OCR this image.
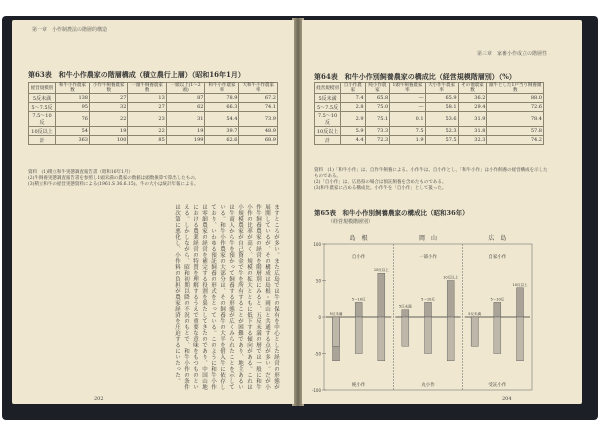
第一章　小作制農法の階層的構造
第63表　和牛小作農家の階層構成（積立農行上層）（昭和16年1月）
経営規模別	和牛小作農家数	小作牛飼養農家数	一頭牛飼養農家数	一頭以上(1～2頭)	和牛小作農家率	大和牛小作農家率
5反未満	138	27	13	87	78.9	67.2
5～7.5反	95	32	27	62	66.3	74.1
7.5～10反	76	22	23	31	54.4	73.9
10反以上	54	19	22	19	39.7	48.9
計	363	100	85	199	62.6	68.9
資料　(1)積立和牛実態調査報告書（昭和16年1月）
(2)牛飼養実態調査報告書を参照し1頭未満の農家の数値は頭数換算で算出したもの。
(3)積立和牛の経営実態資料による(1961.S 36.6.15)。牛の大小は統計年報による。
ますところが多い。また広島では牛の保有を中心とした経営の形態が展開しているが、その構成は島根・岡山と共通する点が多い。だが小作牛飼養農家の経営を階層別にみると、五反未満の層では一般に和牛小作の比率が高く、規模の拡大とともに低下する傾向がある。これは小規模農家が自己資金で牛を所有することが困難であり、地主あるいは牛商人から牛を預かって飼養する形態が広くみられたことを示している。和牛小作農家の大部分は、その飼養牛の大半を借入牛に依存しており、いわゆる預託飼養の形式をとっている。このように和牛小作は零細農家の経営を補完する役割を果たしてきたのであり、中国山地における農業経営の特質を理解するうえで重要な意味をもつものといえる。しかしながら、昭和初期以降の不況のもとで、和牛小作の条件は次第に悪化し、小作料の負担が農家経済を圧迫するにいたった。
202
第三章　家畜小作成立の階層性
第64表　和牛小作別飼養農家の構成比（経営規模階層別）（%）
経営規模別	自小作農家	純小作農家	1頭牛飼養農家率	大小作牛農家率	その他農家数	頭牛とした1戸当り飼養頭数
5反未満	7.4	65.8	—	65.9	36.2	88.0
5～7.5反	2.8	75.0	—	58.1	29.4	72.6
7.5～10反	2.9	75.1	0.1	53.6	31.9	78.4
10反以上	5.9	73.3	7.5	52.3	31.8	57.8
計	4.4	72.3	1.9	57.5	32.3	74.2
資料　(1)「和牛小作」は、自作牛飼養による。小作牛は、自小作とし、「和牛小作」は小作飼養の経営構成を示したものである。
(2)「自小作」は、広島県の場合は預託飼養を含めたものである。
(3)和牛農家に占める構成比。小作牛を「自小作」として扱った。
第65表　和牛小作別飼養農家の構成比（昭和36年）
（経営規模階層別）
-100
-50
0
50
100
島　根
自小作
純小作
5反未満
5～10反
10反以上
岡　山
一部小作
丸小作
5反未満
5～10反
10反以上
広　島
自家小作
受託小作
5反未満
5～10反
10反以上
204
